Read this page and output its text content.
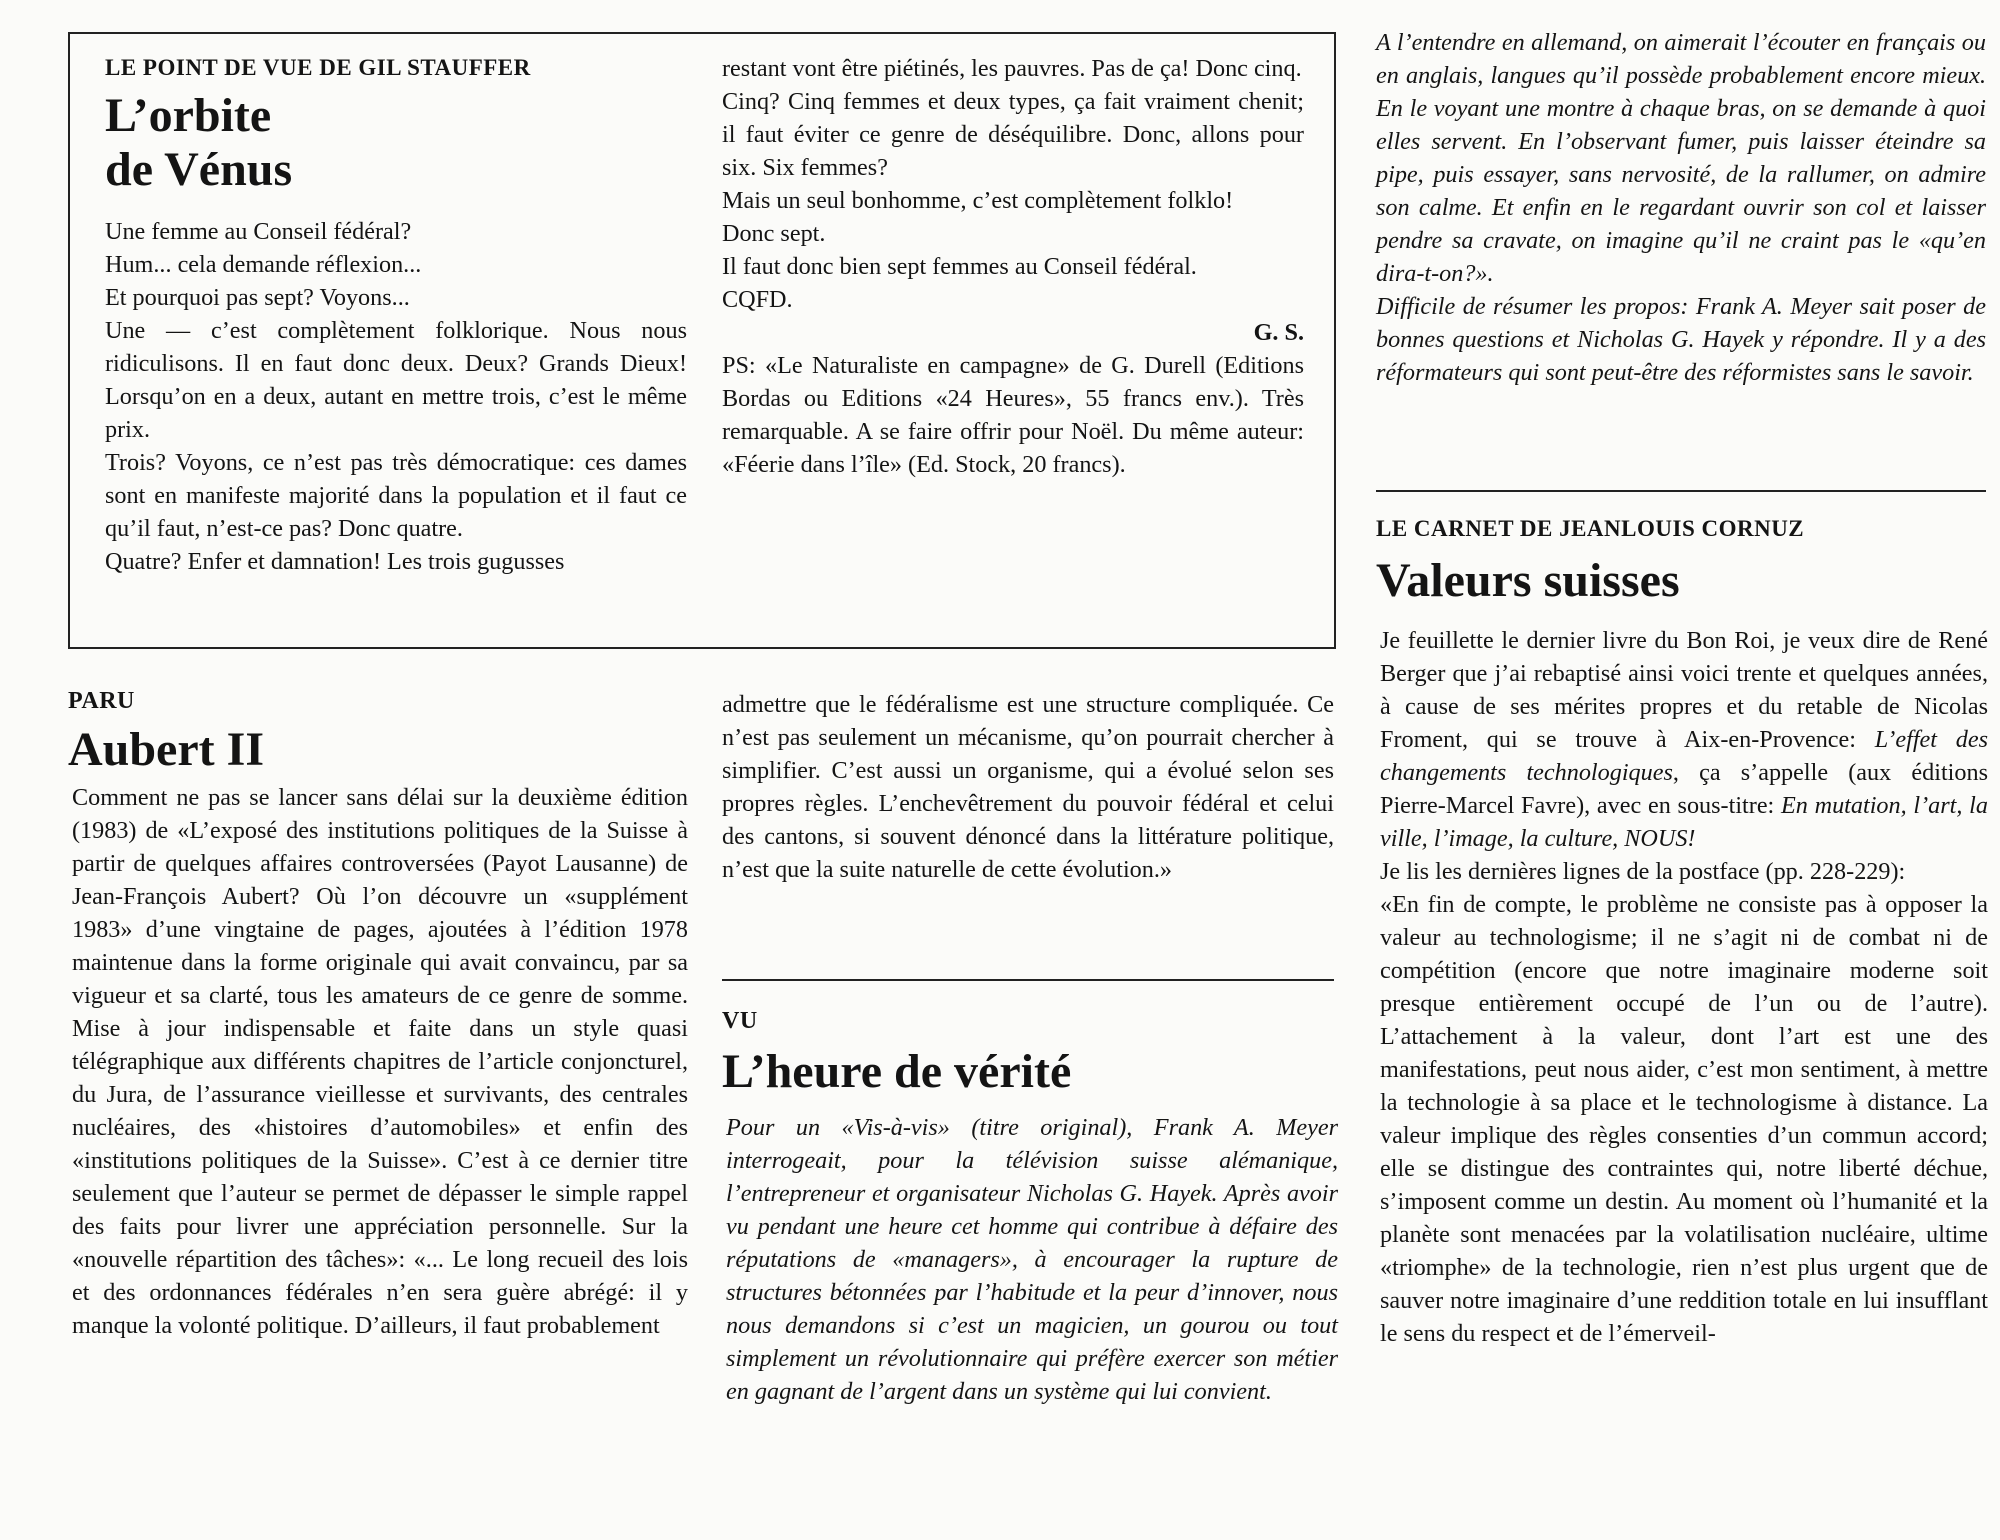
LE POINT DE VUE DE GIL STAUFFER
L’orbite
de Vénus

Une femme au Conseil fédéral?

Hum... cela demande réflexion...

Et pourquoi pas sept? Voyons...

Une — c’est complètement folklorique. Nous nous ridiculisons. Il en faut donc deux. Deux? Grands Dieux! Lorsqu’on en a deux, autant en mettre trois, c’est le même prix.

Trois? Voyons, ce n’est pas très démocratique: ces dames sont en manifeste majorité dans la population et il faut ce qu’il faut, n’est-ce pas? Donc quatre.

Quatre? Enfer et damnation! Les trois gugusses

restant vont être piétinés, les pauvres. Pas de ça! Donc cinq.

Cinq? Cinq femmes et deux types, ça fait vraiment chenit; il faut éviter ce genre de déséquilibre. Donc, allons pour six. Six femmes?

Mais un seul bonhomme, c’est complètement folklo!

Donc sept.

Il faut donc bien sept femmes au Conseil fédéral.

CQFD.

G. S.

PS: «Le Naturaliste en campagne» de G. Durell (Editions Bordas ou Editions «24 Heures», 55 francs env.). Très remarquable. A se faire offrir pour Noël. Du même auteur: «Féerie dans l’île» (Ed. Stock, 20 francs).

PARU
Aubert II

Comment ne pas se lancer sans délai sur la deuxième édition (1983) de «L’exposé des institutions politiques de la Suisse à partir de quelques affaires controversées (Payot Lausanne) de Jean-François Aubert? Où l’on découvre un «supplément 1983» d’une vingtaine de pages, ajoutées à l’édition 1978 maintenue dans la forme originale qui avait convaincu, par sa vigueur et sa clarté, tous les amateurs de ce genre de somme. Mise à jour indispensable et faite dans un style quasi télégraphique aux différents chapitres de l’article conjoncturel, du Jura, de l’assurance vieillesse et survivants, des centrales nucléaires, des «histoires d’automobiles» et enfin des «institutions politiques de la Suisse». C’est à ce dernier titre seulement que l’auteur se permet de dépasser le simple rappel des faits pour livrer une appréciation personnelle. Sur la «nouvelle répartition des tâches»: «... Le long recueil des lois et des ordonnances fédérales n’en sera guère abrégé: il y manque la volonté politique. D’ailleurs, il faut probablement

admettre que le fédéralisme est une structure compliquée. Ce n’est pas seulement un mécanisme, qu’on pourrait chercher à simplifier. C’est aussi un organisme, qui a évolué selon ses propres règles. L’enchevêtrement du pouvoir fédéral et celui des cantons, si souvent dénoncé dans la littérature politique, n’est que la suite naturelle de cette évolution.»

VU
L’heure de vérité

Pour un «Vis-à-vis» (titre original), Frank A. Meyer interrogeait, pour la télévision suisse alémanique, l’entrepreneur et organisateur Nicholas G. Hayek. Après avoir vu pendant une heure cet homme qui contribue à défaire des réputations de «managers», à encourager la rupture de structures bétonnées par l’habitude et la peur d’innover, nous nous demandons si c’est un magicien, un gourou ou tout simplement un révolutionnaire qui préfère exercer son métier en gagnant de l’argent dans un système qui lui convient.

A l’entendre en allemand, on aimerait l’écouter en français ou en anglais, langues qu’il possède probablement encore mieux. En le voyant une montre à chaque bras, on se demande à quoi elles servent. En l’observant fumer, puis laisser éteindre sa pipe, puis essayer, sans nervosité, de la rallumer, on admire son calme. Et enfin en le regardant ouvrir son col et laisser pendre sa cravate, on imagine qu’il ne craint pas le «qu’en dira-t-on?».

Difficile de résumer les propos: Frank A. Meyer sait poser de bonnes questions et Nicholas G. Hayek y répondre. Il y a des réformateurs qui sont peut-être des réformistes sans le savoir.

LE CARNET DE JEANLOUIS CORNUZ
Valeurs suisses

Je feuillette le dernier livre du Bon Roi, je veux dire de René Berger que j’ai rebaptisé ainsi voici trente et quelques années, à cause de ses mérites propres et du retable de Nicolas Froment, qui se trouve à Aix-en-Provence: L’effet des changements technologiques, ça s’appelle (aux éditions Pierre-Marcel Favre), avec en sous-titre: En mutation, l’art, la ville, l’image, la culture, NOUS!

Je lis les dernières lignes de la postface (pp. 228-229):

«En fin de compte, le problème ne consiste pas à opposer la valeur au technologisme; il ne s’agit ni de combat ni de compétition (encore que notre imaginaire moderne soit presque entièrement occupé de l’un ou de l’autre). L’attachement à la valeur, dont l’art est une des manifestations, peut nous aider, c’est mon sentiment, à mettre la technologie à sa place et le technologisme à distance. La valeur implique des règles consenties d’un commun accord; elle se distingue des contraintes qui, notre liberté déchue, s’imposent comme un destin. Au moment où l’humanité et la planète sont menacées par la volatilisation nucléaire, ultime «triomphe» de la technologie, rien n’est plus urgent que de sauver notre imaginaire d’une reddition totale en lui insufflant le sens du respect et de l’émerveil-
